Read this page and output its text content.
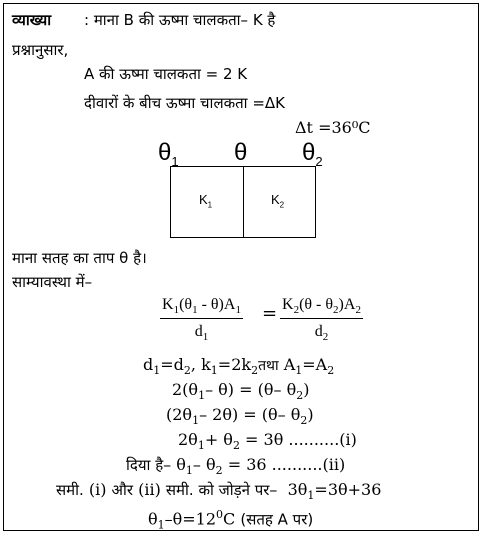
व्याख्या : माना B की ऊष्मा चालकता– K है
प्रश्नानुसार,
A की ऊष्मा चालकता = 2 K
दीवारों के बीच ऊष्मा चालकता =ΔK
Δt =36⁰C
$\theta_1$ θ $\theta_2$
$K_1$	$K_2$
माना सतह का ताप θ है।
साम्यावस्था में–
$\frac{K_1(\theta_1 - \theta)A_1}{d_1} = \frac{K_2(\theta - \theta_2)A_2}{d_2}$
$d_1=d_2$, $k_1=2k_2तथा$ $A_1=A_2$
$2(\theta_1-$ θ) = (θ– $\theta_2$)
($2\theta_1-$ 2θ) = (θ– $\theta_2$)
$2\theta_1+ \theta_2 = 3\theta$ ..........(i)
दिया है– $\theta_1-$ $\theta_2 = 36$ ..........(ii)
समी. (i) और (ii) समी. को जोड़ने पर–  $3\theta_1=3\theta+36$
$\theta_1-\theta=12^0C$ (सतह A पर)
